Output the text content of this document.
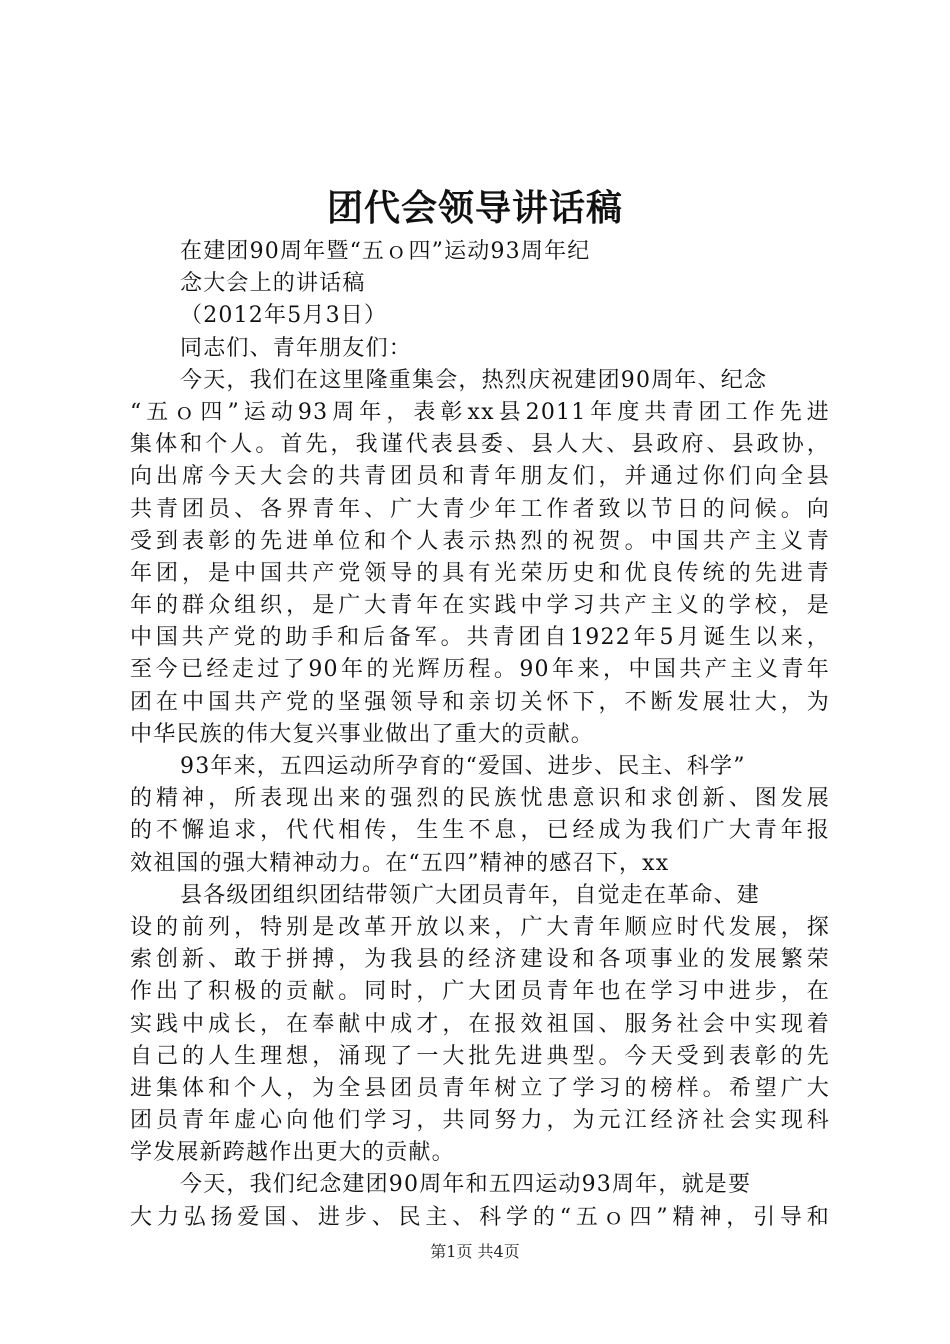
团代会领导讲话稿
在建团90周年暨“五ｏ四”运动93周年纪
念大会上的讲话稿
（2012年5月3日）
同志们、青年朋友们：
今天，我们在这里隆重集会，热烈庆祝建团90周年、纪念
“五ｏ四”运动93周年，表彰xx县2011年度共青团工作先进
集体和个人。首先，我谨代表县委、县人大、县政府、县政协，
向出席今天大会的共青团员和青年朋友们，并通过你们向全县
共青团员、各界青年、广大青少年工作者致以节日的问候。向
受到表彰的先进单位和个人表示热烈的祝贺。中国共产主义青
年团，是中国共产党领导的具有光荣历史和优良传统的先进青
年的群众组织，是广大青年在实践中学习共产主义的学校，是
中国共产党的助手和后备军。共青团自1922年5月诞生以来，
至今已经走过了90年的光辉历程。90年来，中国共产主义青年
团在中国共产党的坚强领导和亲切关怀下，不断发展壮大，为
中华民族的伟大复兴事业做出了重大的贡献。
93年来，五四运动所孕育的“爱国、进步、民主、科学”
的精神，所表现出来的强烈的民族忧患意识和求创新、图发展
的不懈追求，代代相传，生生不息，已经成为我们广大青年报
效祖国的强大精神动力。在“五四”精神的感召下，xx
县各级团组织团结带领广大团员青年，自觉走在革命、建
设的前列，特别是改革开放以来，广大青年顺应时代发展，探
索创新、敢于拼搏，为我县的经济建设和各项事业的发展繁荣
作出了积极的贡献。同时，广大团员青年也在学习中进步，在
实践中成长，在奉献中成才，在报效祖国、服务社会中实现着
自己的人生理想，涌现了一大批先进典型。今天受到表彰的先
进集体和个人，为全县团员青年树立了学习的榜样。希望广大
团员青年虚心向他们学习，共同努力，为元江经济社会实现科
学发展新跨越作出更大的贡献。
今天，我们纪念建团90周年和五四运动93周年，就是要
大力弘扬爱国、进步、民主、科学的“五ｏ四”精神，引导和
第1页 共4页
